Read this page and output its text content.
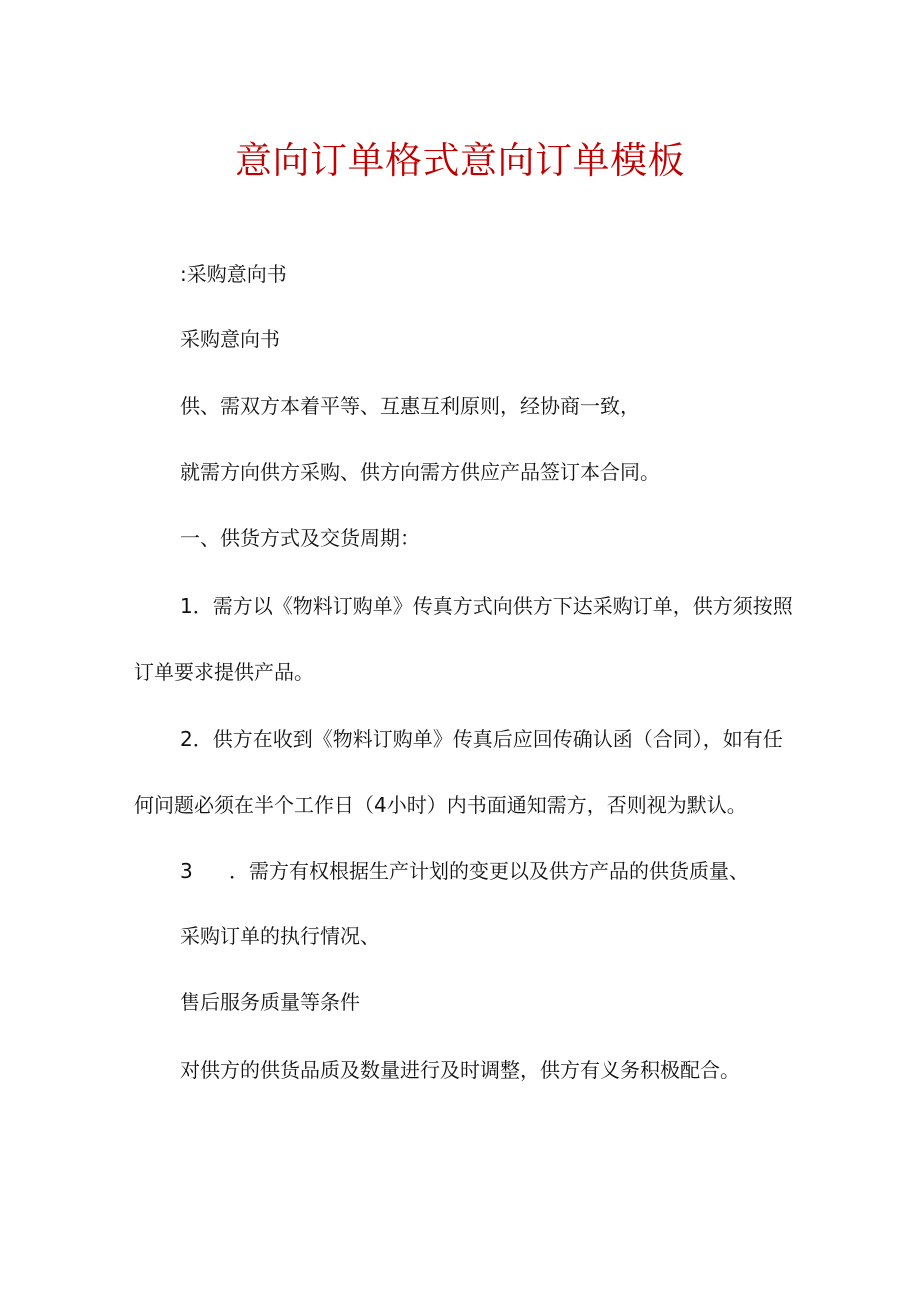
意向订单格式意向订单模板

:采购意向书

采购意向书

供、需双方本着平等、互惠互利原则，经协商一致，

就需方向供方采购、供方向需方供应产品签订本合同。

一、供货方式及交货周期：

1．需方以《物料订购单》传真方式向供方下达采购订单，供方须按照

订单要求提供产品。

2．供方在收到《物料订购单》传真后应回传确认函（合同），如有任

何问题必须在半个工作日（4小时）内书面通知需方，否则视为默认。

3 ．需方有权根据生产计划的变更以及供方产品的供货质量、

采购订单的执行情况、

售后服务质量等条件

对供方的供货品质及数量进行及时调整，供方有义务积极配合。
